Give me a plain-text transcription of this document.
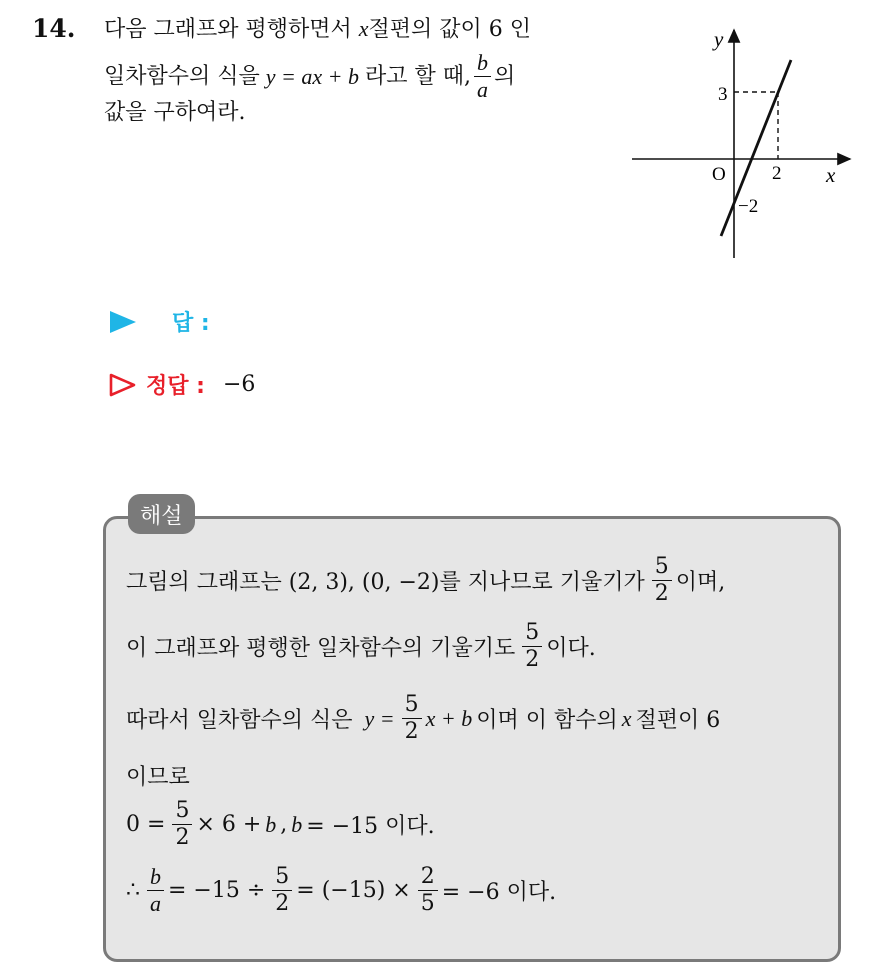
14. 다음 그래프와 평행하면서 x절편의 값이 6 인
일차함수의 식을 y = ax + b 라고 할 때, $\frac{b}{a}$ 의
값을 구하여라.
y
x
O
3
2
−2
답 :
정답 : −6
해설
그림의 그래프는 (2, 3), (0, −2)를 지나므로 기울기가 $\frac{5}{2}$ 이며,
이 그래프와 평행한 일차함수의 기울기도 $\frac{5}{2}$ 이다.
따라서 일차함수의 식은 $y = \frac{5}{2}$ x + b 이며 이 함수의 x 절편이 6
이므로
$0 = \frac{5}{2} \times 6 + b$ , b = −15 이다.
∴ $\frac{b}{a} = -15 \div \frac{5}{2} = (-15) \times \frac{2}{5} = -6$ 이다.
